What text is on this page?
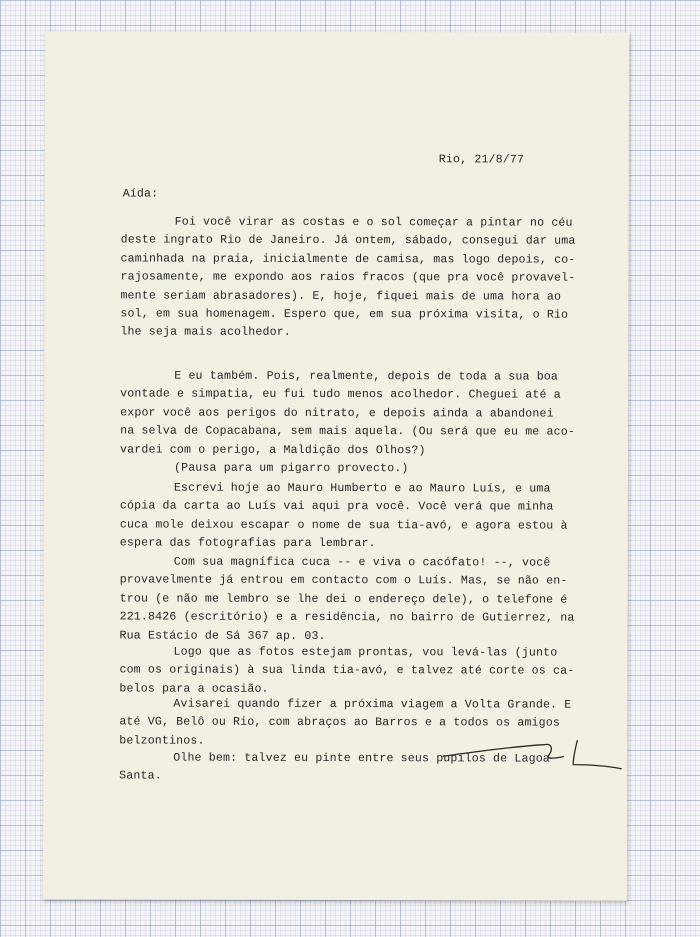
Rio, 21/8/77
Aída:
Foi você virar as costas e o sol começar a pintar no céu
deste ingrato Rio de Janeiro. Já ontem, sábado, consegui dar uma
caminhada na praia, inicialmente de camisa, mas logo depois, co-
rajosamente, me expondo aos raios fracos (que pra você provavel-
mente seriam abrasadores). E, hoje, fiquei mais de uma hora ao
sol, em sua homenagem. Espero que, em sua próxima visita, o Rio
lhe seja mais acolhedor.
E eu também. Pois, realmente, depois de toda a sua boa
vontade e simpatia, eu fui tudo menos acolhedor. Cheguei até a
expor você aos perigos do nitrato, e depois ainda a abandonei
na selva de Copacabana, sem mais aquela. (Ou será que eu me aco-
vardei com o perigo, a Maldição dos Olhos?)
(Pausa para um pigarro provecto.)
Escrevi hoje ao Mauro Humberto e ao Mauro Luís, e uma
cópia da carta ao Luís vai aqui pra você. Você verá que minha
cuca mole deixou escapar o nome de sua tia-avó, e agora estou à
espera das fotografias para lembrar.
Com sua magnífica cuca -- e viva o cacófato! --, você
provavelmente já entrou em contacto com o Luís. Mas, se não en-
trou (e não me lembro se lhe dei o endereço dele), o telefone é
221.8426 (escritório) e a residência, no bairro de Gutierrez, na
Rua Estácio de Sá 367 ap. 03.
Logo que as fotos estejam prontas, vou levá-las (junto
com os originais) à sua linda tia-avó, e talvez até corte os ca-
belos para a ocasião.
Avisarei quando fizer a próxima viagem a Volta Grande. E
até VG, Belô ou Rio, com abraços ao Barros e a todos os amigos
belzontinos.
Olhe bem: talvez eu pinte entre seus pupilos de Lagoa
Santa.
